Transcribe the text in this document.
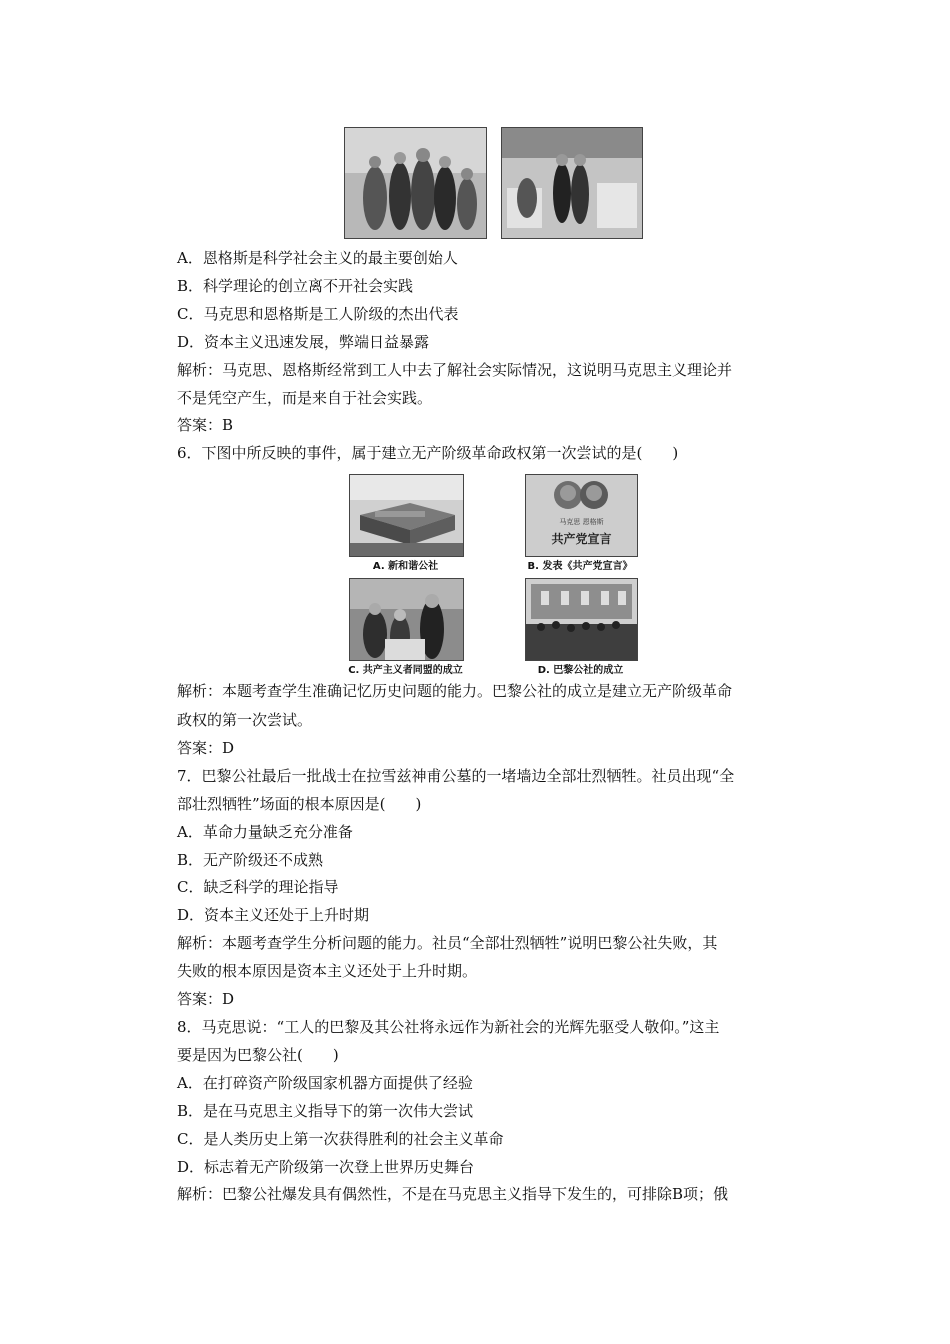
A．恩格斯是科学社会主义的最主要创始人
B．科学理论的创立离不开社会实践
C．马克思和恩格斯是工人阶级的杰出代表
D．资本主义迅速发展，弊端日益暴露
解析：马克思、恩格斯经常到工人中去了解社会实际情况，这说明马克思主义理论并
不是凭空产生，而是来自于社会实践。
答案：B
6．下图中所反映的事件，属于建立无产阶级革命政权第一次尝试的是(　　)
A. 新和谐公社
马克思 恩格斯
共产党宣言
B. 发表《共产党宣言》
C. 共产主义者同盟的成立	D. 巴黎公社的成立
解析：本题考查学生准确记忆历史问题的能力。巴黎公社的成立是建立无产阶级革命
政权的第一次尝试。
答案：D
7．巴黎公社最后一批战士在拉雪兹神甫公墓的一堵墙边全部壮烈牺牲。社员出现“全
部壮烈牺牲”场面的根本原因是(　　)
A．革命力量缺乏充分准备
B．无产阶级还不成熟
C．缺乏科学的理论指导
D．资本主义还处于上升时期
解析：本题考查学生分析问题的能力。社员“全部壮烈牺牲”说明巴黎公社失败，其
失败的根本原因是资本主义还处于上升时期。
答案：D
8．马克思说：“工人的巴黎及其公社将永远作为新社会的光辉先驱受人敬仰。”这主
要是因为巴黎公社(　　)
A．在打碎资产阶级国家机器方面提供了经验
B．是在马克思主义指导下的第一次伟大尝试
C．是人类历史上第一次获得胜利的社会主义革命
D．标志着无产阶级第一次登上世界历史舞台
解析：巴黎公社爆发具有偶然性，不是在马克思主义指导下发生的，可排除B项；俄
